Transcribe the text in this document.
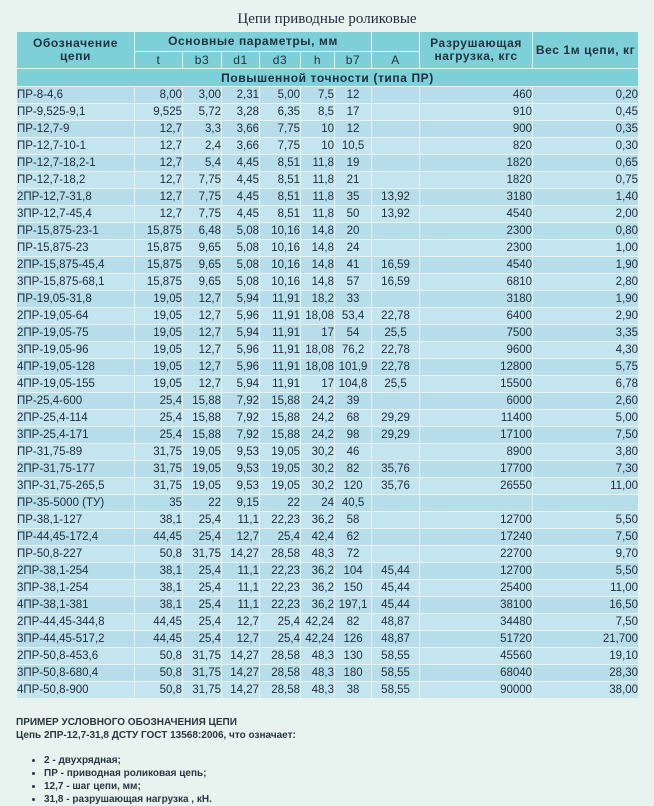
Цепи приводные роликовые
Обозначение цепи	Основные параметры, мм							Разрушающая нагрузка, кгс	Вес 1м цепи, кг
	t	b3	d1	d3	h	b7	A		
Повышенной точности (типа ПР)									
ПР-8-4,6	8,00	3,00	2,31	5,00	7,5	12		460	0,20
ПР-9,525-9,1	9,525	5,72	3,28	6,35	8,5	17		910	0,45
ПР-12,7-9	12,7	3,3	3,66	7,75	10	12		900	0,35
ПР-12,7-10-1	12,7	2,4	3,66	7,75	10	10,5		820	0,30
ПР-12,7-18,2-1	12,7	5,4	4,45	8,51	11,8	19		1820	0,65
ПР-12,7-18,2	12,7	7,75	4,45	8,51	11,8	21		1820	0,75
2ПР-12,7-31,8	12,7	7,75	4,45	8,51	11,8	35	13,92	3180	1,40
3ПР-12,7-45,4	12,7	7,75	4,45	8,51	11,8	50	13,92	4540	2,00
ПР-15,875-23-1	15,875	6,48	5,08	10,16	14,8	20		2300	0,80
ПР-15,875-23	15,875	9,65	5,08	10,16	14,8	24		2300	1,00
2ПР-15,875-45,4	15,875	9,65	5,08	10,16	14,8	41	16,59	4540	1,90
3ПР-15,875-68,1	15,875	9,65	5,08	10,16	14,8	57	16,59	6810	2,80
ПР-19,05-31,8	19,05	12,7	5,94	11,91	18,2	33		3180	1,90
2ПР-19,05-64	19,05	12,7	5,96	11,91	18,08	53,4	22,78	6400	2,90
2ПР-19,05-75	19,05	12,7	5,94	11,91	17	54	25,5	7500	3,35
3ПР-19,05-96	19,05	12,7	5,96	11,91	18,08	76,2	22,78	9600	4,30
4ПР-19,05-128	19,05	12,7	5,96	11,91	18,08	101,9	22,78	12800	5,75
4ПР-19,05-155	19,05	12,7	5,94	11,91	17	104,8	25,5	15500	6,78
ПР-25,4-600	25,4	15,88	7,92	15,88	24,2	39		6000	2,60
2ПР-25,4-114	25,4	15,88	7,92	15,88	24,2	68	29,29	11400	5,00
3ПР-25,4-171	25,4	15,88	7,92	15,88	24,2	98	29,29	17100	7,50
ПР-31,75-89	31,75	19,05	9,53	19,05	30,2	46		8900	3,80
2ПР-31,75-177	31,75	19,05	9,53	19,05	30,2	82	35,76	17700	7,30
3ПР-31,75-265,5	31,75	19,05	9,53	19,05	30,2	120	35,76	26550	11,00
ПР-35-5000 (ТУ)	35	22	9,15	22	24	40,5			
ПР-38,1-127	38,1	25,4	11,1	22,23	36,2	58		12700	5,50
ПР-44,45-172,4	44,45	25,4	12,7	25,4	42,4	62		17240	7,50
ПР-50,8-227	50,8	31,75	14,27	28,58	48,3	72		22700	9,70
2ПР-38,1-254	38,1	25,4	11,1	22,23	36,2	104	45,44	12700	5,50
3ПР-38,1-254	38,1	25,4	11,1	22,23	36,2	150	45,44	25400	11,00
4ПР-38,1-381	38,1	25,4	11,1	22,23	36,2	197,1	45,44	38100	16,50
2ПР-44,45-344,8	44,45	25,4	12,7	25,4	42,24	82	48,87	34480	7,50
3ПР-44,45-517,2	44,45	25,4	12,7	25,4	42,24	126	48,87	51720	21,700
2ПР-50,8-453,6	50,8	31,75	14,27	28,58	48,3	130	58,55	45560	19,10
3ПР-50,8-680,4	50,8	31,75	14,27	28,58	48,3	180	58,55	68040	28,30
4ПР-50,8-900	50,8	31,75	14,27	28,58	48,3	38	58,55	90000	38,00
ПРИМЕР УСЛОВНОГО ОБОЗНАЧЕНИЯ ЦЕПИ
Цепь 2ПР-12,7-31,8 ДСТУ ГОСТ 13568:2006, что означает:
• 2 - двухрядная;
• ПР - приводная роликовая цепь;
• 12,7 - шаг цепи, мм;
• 31,8 - разрушающая нагрузка , кН.
